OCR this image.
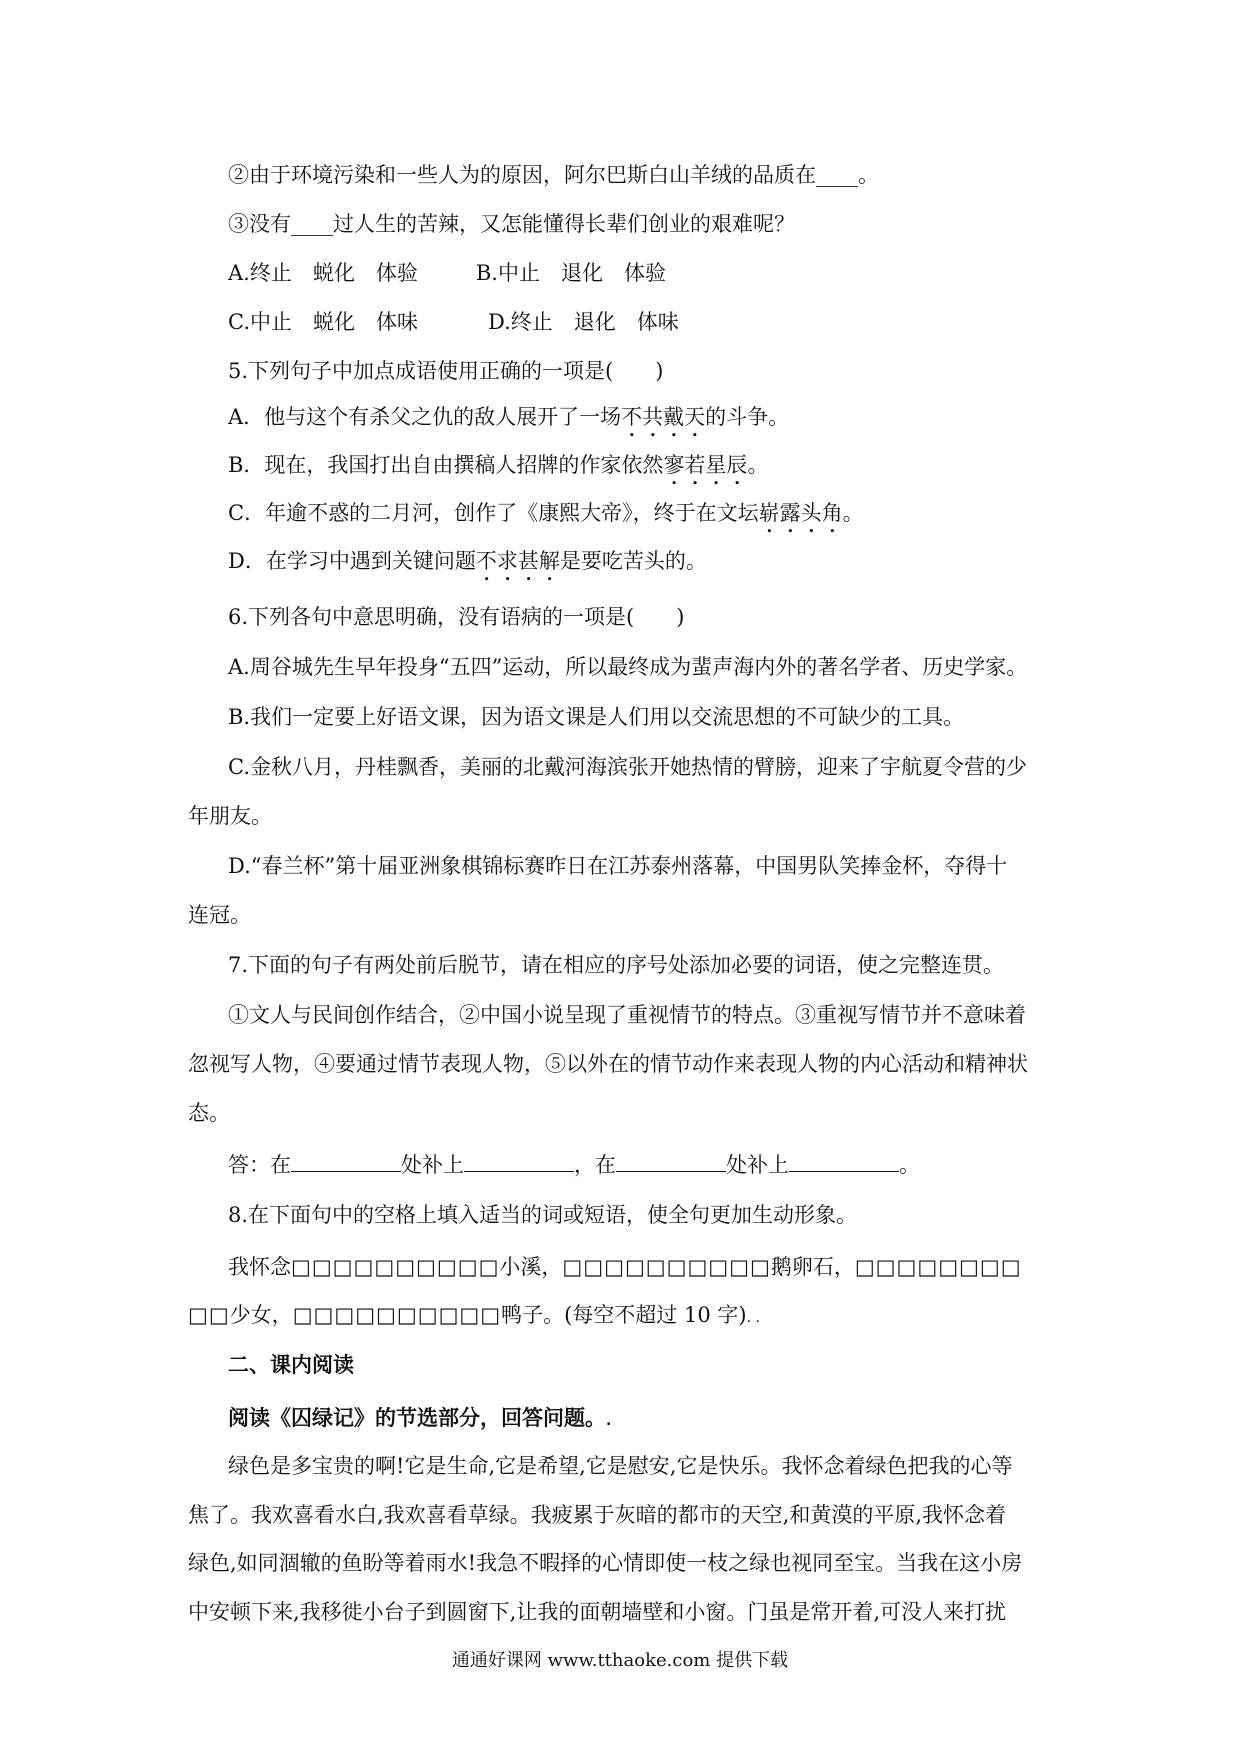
②由于环境污染和一些人为的原因，阿尔巴斯白山羊绒的品质在____。
③没有____过人生的苦辣，又怎能懂得长辈们创业的艰难呢？
A.终止　蜕化　体验	B.中止　退化　体验
C.中止　蜕化　体味	D.终止　退化　体味
5.下列句子中加点成语使用正确的一项是(　　)
A．他与这个有杀父之仇的敌人展开了一场不共戴天的斗争。
B．现在，我国打出自由撰稿人招牌的作家依然寥若星辰。
C．年逾不惑的二月河，创作了《康熙大帝》，终于在文坛崭露头角。
D．在学习中遇到关键问题不求甚解是要吃苦头的。
6.下列各句中意思明确，没有语病的一项是(　　)
A.周谷城先生早年投身“五四”运动，所以最终成为蜚声海内外的著名学者、历史学家。
B.我们一定要上好语文课，因为语文课是人们用以交流思想的不可缺少的工具。
C.金秋八月，丹桂飘香，美丽的北戴河海滨张开她热情的臂膀，迎来了宇航夏令营的少
年朋友。
D.“春兰杯”第十届亚洲象棋锦标赛昨日在江苏泰州落幕，中国男队笑捧金杯，夺得十
连冠。
7.下面的句子有两处前后脱节，请在相应的序号处添加必要的词语，使之完整连贯。
①文人与民间创作结合，②中国小说呈现了重视情节的特点。③重视写情节并不意味着
忽视写人物，④要通过情节表现人物，⑤以外在的情节动作来表现人物的内心活动和精神状
态。
答：在	处补上	，在	处补上	。
8.在下面句中的空格上填入适当的词或短语，使全句更加生动形象。
我怀念□□□□□□□□□□小溪，□□□□□□□□□□鹅卵石，□□□□□□□□
□□少女，□□□□□□□□□□鸭子。(每空不超过 10 字). .
二、课内阅读
阅读《囚绿记》的节选部分，回答问题。.
绿色是多宝贵的啊!它是生命,它是希望,它是慰安,它是快乐。我怀念着绿色把我的心等
焦了。我欢喜看水白,我欢喜看草绿。我疲累于灰暗的都市的天空,和黄漠的平原,我怀念着
绿色,如同涸辙的鱼盼等着雨水!我急不暇择的心情即使一枝之绿也视同至宝。当我在这小房
中安顿下来,我移徙小台子到圆窗下,让我的面朝墙壁和小窗。门虽是常开着,可没人来打扰
通通好课网 www.tthaoke.com 提供下载
